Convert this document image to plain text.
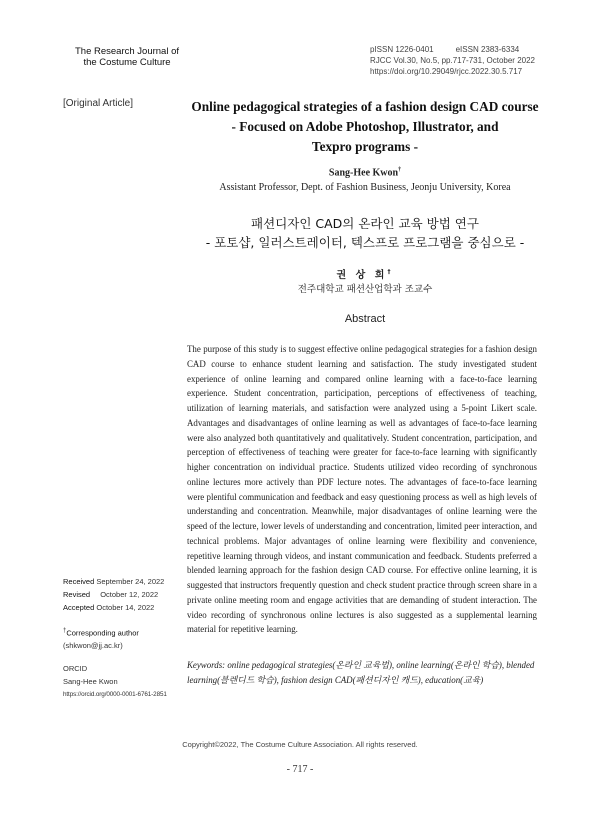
The Research Journal of
the Costume Culture
pISSN 1226-0401	eISSN 2383-6334
RJCC Vol.30, No.5, pp.717-731, October 2022
https://doi.org/10.29049/rjcc.2022.30.5.717
[Original Article]	Online pedagogical strategies of a fashion design CAD course
- Focused on Adobe Photoshop, Illustrator, and
Texpro programs -
Sang-Hee Kwon†
Assistant Professor, Dept. of Fashion Business, Jeonju University, Korea
패션디자인 CAD의 온라인 교육 방법 연구
- 포토샵, 일러스트레이터, 텍스프로 프로그램을 중심으로 -
권 상 희†
전주대학교 패션산업학과 조교수
Abstract
The purpose of this study is to suggest effective online pedagogical strategies for a fashion design CAD course to enhance student learning and satisfaction. The study investigated student experience of online learning and compared online learning with a face-to-face learning experience. Student concentration, participation, perceptions of effectiveness of teaching, utilization of learning materials, and satisfaction were analyzed using a 5-point Likert scale. Advantages and disadvantages of online learning as well as advantages of face-to-face learning were also analyzed both quantitatively and qualitatively. Student concentration, participation, and perception of effectiveness of teaching were greater for face-to-face learning with significantly higher concentration on individual practice. Students utilized video recording of synchronous online lectures more actively than PDF lecture notes. The advantages of face-to-face learning were plentiful communication and feedback and easy questioning process as well as high levels of understanding and concentration. Meanwhile, major disadvantages of online learning were the speed of the lecture, lower levels of understanding and concentration, limited peer interaction, and technical problems. Major advantages of online learning were flexibility and convenience, repetitive learning through videos, and instant communication and feedback. Students preferred a blended learning approach for the fashion design CAD course. For effective online learning, it is suggested that instructors frequently question and check student practice through screen share in a private online meeting room and engage activities that are demanding of student interaction. The video recording of synchronous online lectures is also suggested as a supplemental learning material for repetitive learning.
Keywords: online pedagogical strategies(온라인 교육법), online learning(온라인 학습), blended learning(블렌디드 학습), fashion design CAD(패션디자인 캐드), education(교육)
Received September 24, 2022
Revised October 12, 2022
Accepted October 14, 2022
†Corresponding author
(shkwon@jj.ac.kr)
ORCID
Sang-Hee Kwon
https://orcid.org/0000-0001-6761-2851
Copyright©2022, The Costume Culture Association. All rights reserved.
- 717 -
